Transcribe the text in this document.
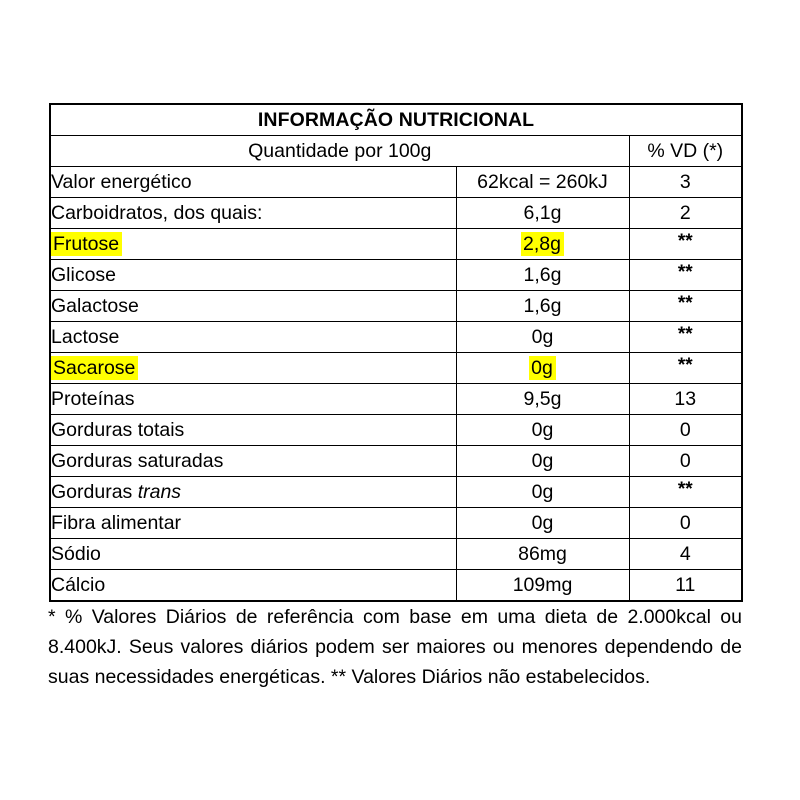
INFORMAÇÃO NUTRICIONAL		
Quantidade por 100g		% VD (*)
Valor energético	62kcal = 260kJ	3
Carboidratos, dos quais:	6,1g	2
Frutose	2,8g	**
Glicose	1,6g	**
Galactose	1,6g	**
Lactose	0g	**
Sacarose	0g	**
Proteínas	9,5g	13
Gorduras totais	0g	0
Gorduras saturadas	0g	0
Gorduras trans	0g	**
Fibra alimentar	0g	0
Sódio	86mg	4
Cálcio	109mg	11
* % Valores Diários de referência com base em uma dieta de 2.000kcal ou 8.400kJ. Seus valores diários podem ser maiores ou menores dependendo de suas necessidades energéticas. ** Valores Diários não estabelecidos.
